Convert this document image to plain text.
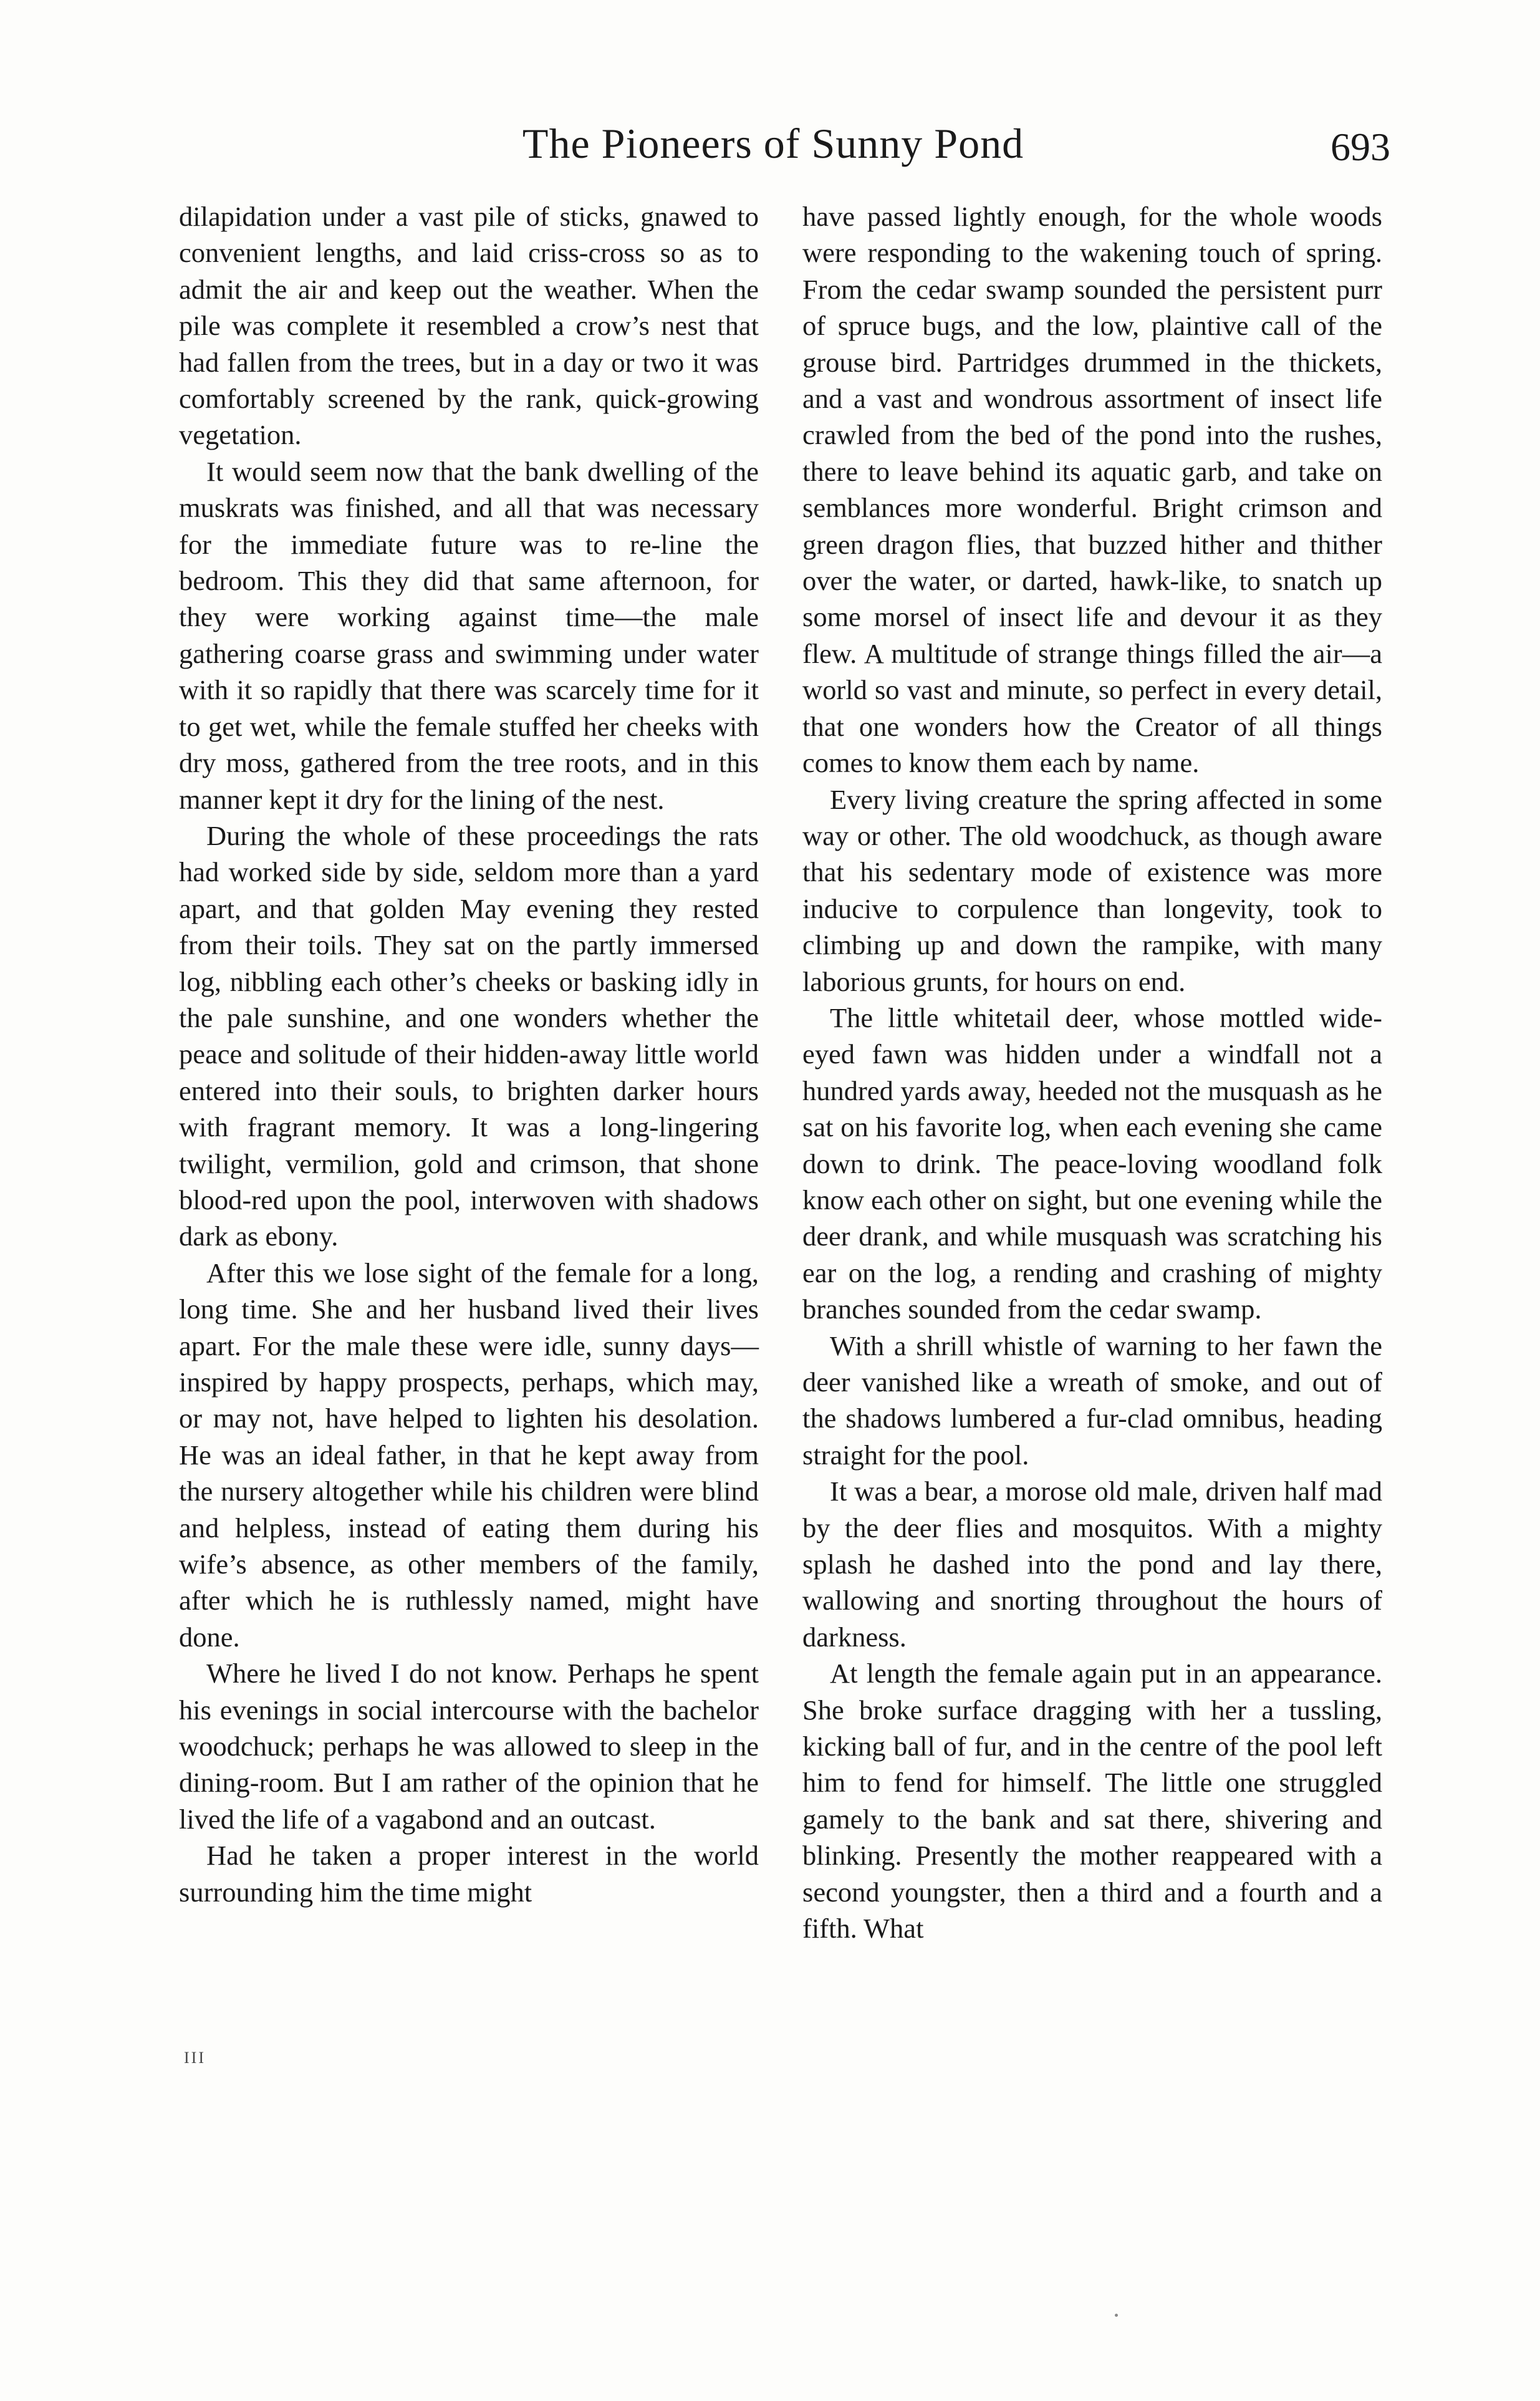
The Pioneers of Sunny Pond	693

dilapidation under a vast pile of sticks, gnawed to convenient lengths, and laid criss-cross so as to admit the air and keep out the weather. When the pile was complete it resembled a crow’s nest that had fallen from the trees, but in a day or two it was comfortably screened by the rank, quick-growing vegetation.

It would seem now that the bank dwelling of the muskrats was finished, and all that was necessary for the immediate future was to re-line the bedroom. This they did that same afternoon, for they were working against time—the male gathering coarse grass and swimming under water with it so rapidly that there was scarcely time for it to get wet, while the female stuffed her cheeks with dry moss, gathered from the tree roots, and in this manner kept it dry for the lining of the nest.

During the whole of these proceedings the rats had worked side by side, seldom more than a yard apart, and that golden May evening they rested from their toils. They sat on the partly immersed log, nibbling each other’s cheeks or basking idly in the pale sunshine, and one wonders whether the peace and solitude of their hidden-away little world entered into their souls, to brighten darker hours with fragrant memory. It was a long-lingering twilight, vermilion, gold and crimson, that shone blood-red upon the pool, interwoven with shadows dark as ebony.

After this we lose sight of the female for a long, long time. She and her husband lived their lives apart. For the male these were idle, sunny days—inspired by happy prospects, perhaps, which may, or may not, have helped to lighten his desolation. He was an ideal father, in that he kept away from the nursery altogether while his children were blind and helpless, instead of eating them during his wife’s absence, as other members of the family, after which he is ruthlessly named, might have done.

Where he lived I do not know. Perhaps he spent his evenings in social intercourse with the bachelor woodchuck; perhaps he was allowed to sleep in the dining-room. But I am rather of the opinion that he lived the life of a vagabond and an outcast.

Had he taken a proper interest in the world surrounding him the time might

have passed lightly enough, for the whole woods were responding to the wakening touch of spring. From the cedar swamp sounded the persistent purr of spruce bugs, and the low, plaintive call of the grouse bird. Partridges drummed in the thickets, and a vast and wondrous assortment of insect life crawled from the bed of the pond into the rushes, there to leave behind its aquatic garb, and take on semblances more wonderful. Bright crimson and green dragon flies, that buzzed hither and thither over the water, or darted, hawk-like, to snatch up some morsel of insect life and devour it as they flew. A multitude of strange things filled the air—a world so vast and minute, so perfect in every detail, that one wonders how the Creator of all things comes to know them each by name.

Every living creature the spring affected in some way or other. The old woodchuck, as though aware that his sedentary mode of existence was more inducive to corpulence than longevity, took to climbing up and down the rampike, with many laborious grunts, for hours on end.

The little whitetail deer, whose mottled wide-eyed fawn was hidden under a windfall not a hundred yards away, heeded not the musquash as he sat on his favorite log, when each evening she came down to drink. The peace-loving woodland folk know each other on sight, but one evening while the deer drank, and while musquash was scratching his ear on the log, a rending and crashing of mighty branches sounded from the cedar swamp.

With a shrill whistle of warning to her fawn the deer vanished like a wreath of smoke, and out of the shadows lumbered a fur-clad omnibus, heading straight for the pool.

It was a bear, a morose old male, driven half mad by the deer flies and mosquitos. With a mighty splash he dashed into the pond and lay there, wallowing and snorting throughout the hours of darkness.

At length the female again put in an appearance. She broke surface dragging with her a tussling, kicking ball of fur, and in the centre of the pool left him to fend for himself. The little one struggled gamely to the bank and sat there, shivering and blinking. Presently the mother reappeared with a second youngster, then a third and a fourth and a fifth. What

III
